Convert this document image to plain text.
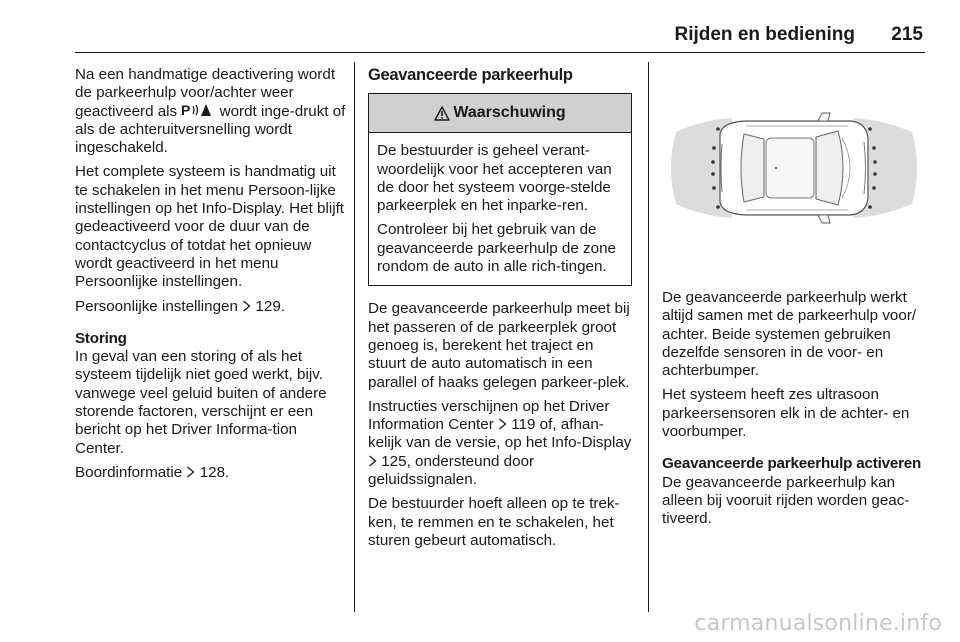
Rijden en bediening 215

Na een handmatige deactivering wordt de parkeerhulp voor/achter weer geactiveerd als P wordt inge-drukt of als de achteruitversnelling wordt ingeschakeld.

Het complete systeem is handmatig uit te schakelen in het menu Persoon-lijke instellingen op het Info-Display. Het blijft gedeactiveerd voor de duur van de contactcyclus of totdat het opnieuw wordt geactiveerd in het menu Persoonlijke instellingen.

Persoonlijke instellingen 129.

Storing

In geval van een storing of als het systeem tijdelijk niet goed werkt, bijv. vanwege veel geluid buiten of andere storende factoren, verschijnt er een bericht op het Driver Informa-tion Center.

Boordinformatie 128.

Geavanceerde parkeerhulp
Waarschuwing

De bestuurder is geheel verant-woordelijk voor het accepteren van de door het systeem voorge-stelde parkeerplek en het inparke-ren.

Controleer bij het gebruik van de geavanceerde parkeerhulp de zone rondom de auto in alle rich-tingen.

De geavanceerde parkeerhulp meet bij het passeren of de parkeerplek groot genoeg is, berekent het traject en stuurt de auto automatisch in een parallel of haaks gelegen parkeer-plek.

Instructies verschijnen op het Driver Information Center 119 of, afhan-kelijk van de versie, op het Info-Display  125, ondersteund door geluidssignalen.

De bestuurder hoeft alleen op te trek-ken, te remmen en te schakelen, het sturen gebeurt automatisch.

De geavanceerde parkeerhulp werkt altijd samen met de parkeerhulp voor/ achter. Beide systemen gebruiken dezelfde sensoren in de voor- en achterbumper.

Het systeem heeft zes ultrasoon parkeersensoren elk in de achter- en voorbumper.

Geavanceerde parkeerhulp activeren

De geavanceerde parkeerhulp kan alleen bij vooruit rijden worden geac-tiveerd.

carmanualsonline.info
